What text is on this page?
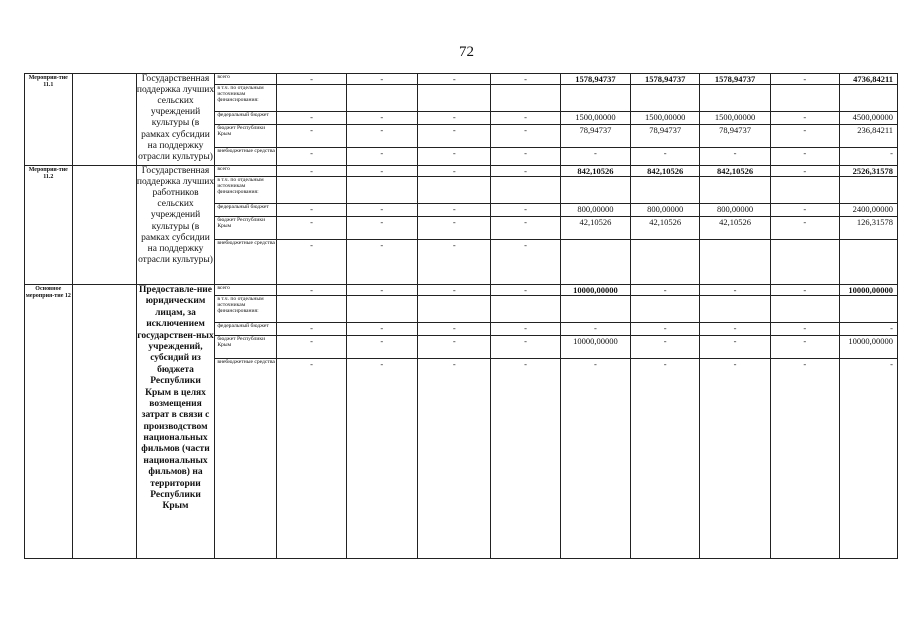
72
Мероприя-тие 11.1		Государственная поддержка лучших сельских учреждений культуры (в рамках субсидии на поддержку отрасли культуры)	всего	-	-	-	-	1578,94737	1578,94737	1578,94737	-	4736,84211
			в т.ч. по отдельным источникам финансирования:									
			федеральный бюджет	-	-	-	-	1500,00000	1500,00000	1500,00000	-	4500,00000
			бюджет Республики Крым	-	-	-	-	78,94737	78,94737	78,94737	-	236,84211
			внебюджетные средства	-	-	-	-	-	-	-	-	-
Мероприя-тие 11.2		Государственная поддержка лучших работников сельских учреждений культуры (в рамках субсидии на поддержку отрасли культуры)	всего	-	-	-	-	842,10526	842,10526	842,10526	-	2526,31578
			в т.ч. по отдельным источникам финансирования:									
			федеральный бюджет	-	-	-	-	800,00000	800,00000	800,00000	-	2400,00000
			бюджет Республики Крым	-	-	-	-	42,10526	42,10526	42,10526	-	126,31578
			внебюджетные средства	-	-	-	-					
Основное мероприя-тие 12		Предоставле-ние юридическим лицам, за исключением государствен-ных учреждений, субсидий из бюджета Республики Крым в целях возмещения затрат в связи с производством национальных фильмов (части национальных фильмов) на территории Республики Крым	всего	-	-	-	-	10000,00000	-	-	-	10000,00000
			в т.ч. по отдельным источникам финансирования:									
			федеральный бюджет	-	-	-	-	-	-	-	-	-
			бюджет Республики Крым	-	-	-	-	10000,00000	-	-	-	10000,00000
			внебюджетные средства	-	-	-	-	-	-	-	-	-
